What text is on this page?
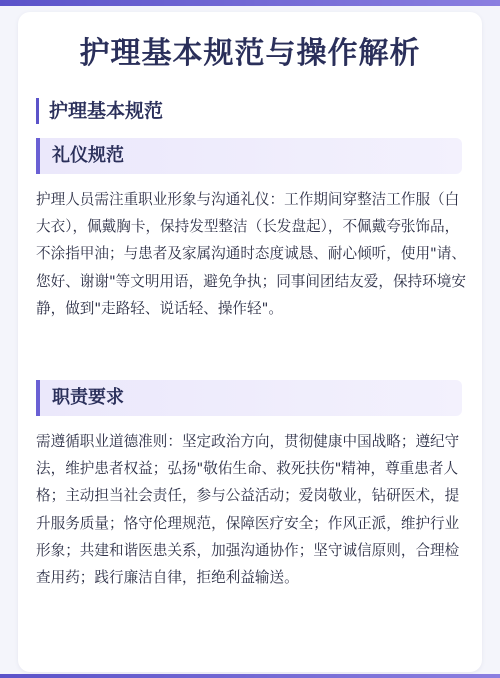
护理基本规范与操作解析
护理基本规范
礼仪规范

护理人员需注重职业形象与沟通礼仪：工作期间穿整洁工作服（白大衣），佩戴胸卡，保持发型整洁（长发盘起），不佩戴夸张饰品，不涂指甲油；与患者及家属沟通时态度诚恳、耐心倾听，使用"请、您好、谢谢"等文明用语，避免争执；同事间团结友爱，保持环境安静，做到"走路轻、说话轻、操作轻"。

职责要求

需遵循职业道德准则：坚定政治方向，贯彻健康中国战略；遵纪守法，维护患者权益；弘扬"敬佑生命、救死扶伤"精神，尊重患者人格；主动担当社会责任，参与公益活动；爱岗敬业，钻研医术，提升服务质量；恪守伦理规范，保障医疗安全；作风正派，维护行业形象；共建和谐医患关系，加强沟通协作；坚守诚信原则，合理检查用药；践行廉洁自律，拒绝利益输送。
